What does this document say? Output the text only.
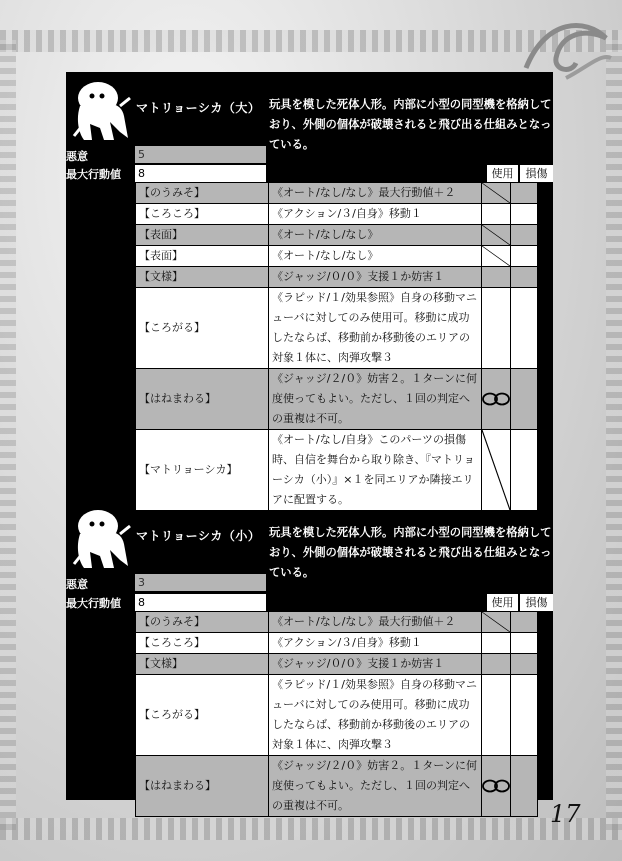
マトリョーシカ（大） 玩具を模した死体人形。内部に小型の同型機を格納しており、外側の個体が破壊されると飛び出る仕組みとなっている。
悪意	5
最大行動値 8	使用	損傷
【のうみそ】	《オート/なし/なし》最大行動値＋２	

【ころころ】	《アクション/３/自身》移動１		
【表面】	《オート/なし/なし》	

【表面】	《オート/なし/なし》	

【文様】	《ジャッジ/０/０》支援１か妨害１		
【ころがる】	《ラピッド/１/効果参照》自身の移動マニューバに対してのみ使用可。移動に成功したならば、移動前か移動後のエリアの対象１体に、肉弾攻撃３		
【はねまわる】	《ジャッジ/２/０》妨害２。１ターンに何度使ってもよい。ただし、１回の判定への重複は不可。	

【マトリョーシカ】	《オート/なし/自身》このパーツの損傷時、自信を舞台から取り除き、『マトリョーシカ（小）』×１を同エリアか隣接エリアに配置する。	

マトリョーシカ（小） 玩具を模した死体人形。内部に小型の同型機を格納しており、外側の個体が破壊されると飛び出る仕組みとなっている。
悪意	3
最大行動値 8	使用	損傷
【のうみそ】	《オート/なし/なし》最大行動値＋２	

【ころころ】	《アクション/３/自身》移動１		
【文様】	《ジャッジ/０/０》支援１か妨害１		
【ころがる】	《ラピッド/１/効果参照》自身の移動マニューバに対してのみ使用可。移動に成功したならば、移動前か移動後のエリアの対象１体に、肉弾攻撃３		
【はねまわる】	《ジャッジ/２/０》妨害２。１ターンに何度使ってもよい。ただし、１回の判定への重複は不可。	
		17
